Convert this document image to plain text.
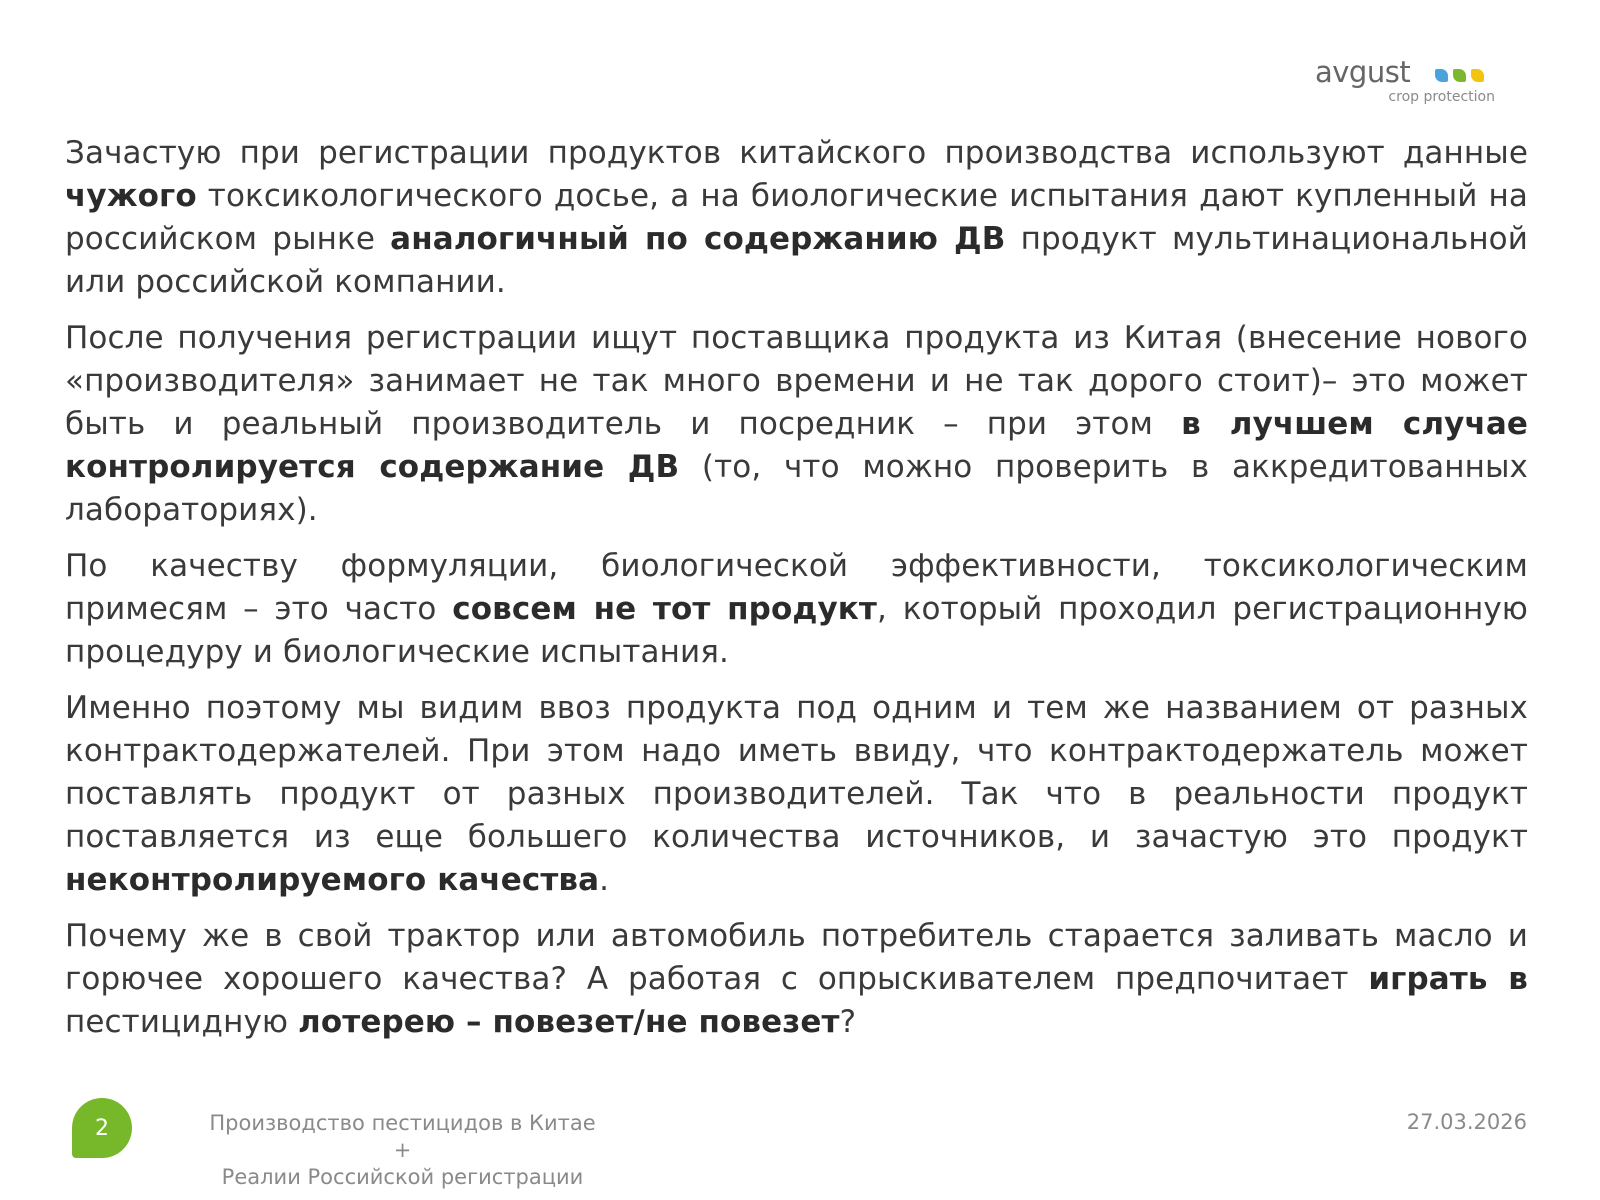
avgust
crop protection

Зачастую при регистрации продуктов китайского производства используют данные чужого токсикологического досье, а на биологические испытания дают купленный на российском рынке аналогичный по содержанию ДВ продукт мультинациональной или российской компании.

После получения регистрации ищут поставщика продукта из Китая (внесение нового «производителя» занимает не так много времени и не так дорого стоит)– это может быть и реальный производитель и посредник – при этом в лучшем случае контролируется содержание ДВ (то, что можно проверить в аккредитованных лабораториях).

По качеству формуляции, биологической эффективности, токсикологическим примесям – это часто совсем не тот продукт, который проходил регистрационную процедуру и биологические испытания.

Именно поэтому мы видим ввоз продукта под одним и тем же названием от разных контрактодержателей. При этом надо иметь ввиду, что контрактодержатель может поставлять продукт от разных производителей. Так что в реальности продукт поставляется из еще большего количества источников, и зачастую это продукт неконтролируемого качества.

Почему же в свой трактор или автомобиль потребитель старается заливать масло и горючее хорошего качества? А работая с опрыскивателем предпочитает играть в пестицидную лотерею – повезет/не повезет?

2	Производство пестицидов в Китае +
Реалии Российской регистрации
27.03.2026
